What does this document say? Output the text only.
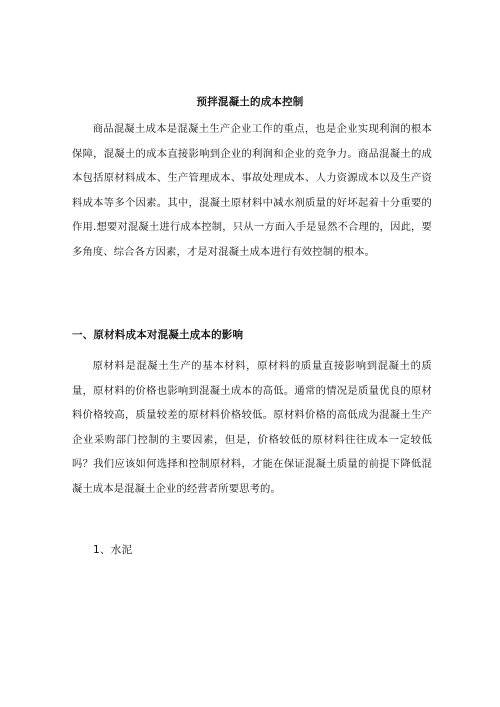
预拌混凝土的成本控制

商品混凝土成本是混凝土生产企业工作的重点，也是企业实现利润的根本保障，混凝土的成本直接影响到企业的利润和企业的竞争力。商品混凝土的成本包括原材料成本、生产管理成本、事故处理成本、人力资源成本以及生产资料成本等多个因素。其中，混凝土原材料中减水剂质量的好坏起着十分重要的作用.想要对混凝土进行成本控制，只从一方面入手是显然不合理的，因此，要多角度、综合各方因素，才是对混凝土成本进行有效控制的根本。

一、原材料成本对混凝土成本的影响

原材料是混凝土生产的基本材料，原材料的质量直接影响到混凝土的质量，原材料的价格也影响到混凝土成本的高低。通常的情况是质量优良的原材料价格较高，质量较差的原材料价格较低。原材料价格的高低成为混凝土生产企业采购部门控制的主要因素，但是，价格较低的原材料往往成本一定较低吗？我们应该如何选择和控制原材料，才能在保证混凝土质量的前提下降低混凝土成本是混凝土企业的经营者所要思考的。

1、水泥
